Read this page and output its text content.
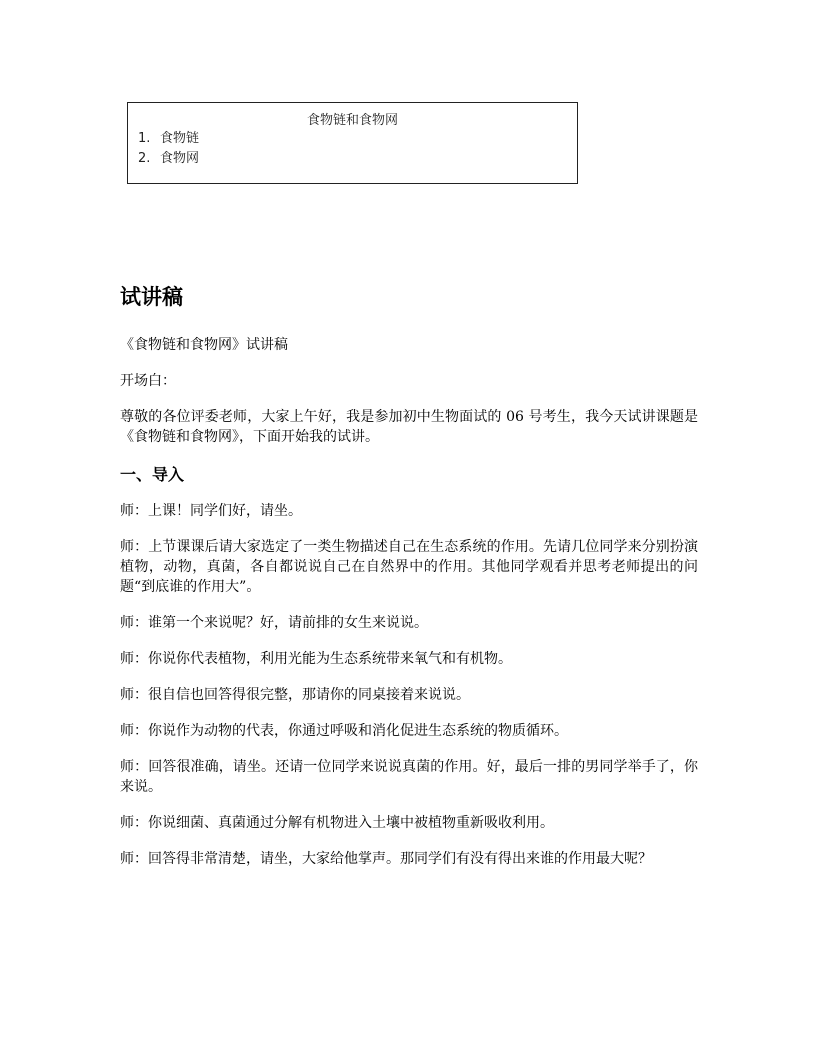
食物链和食物网
1. 食物链
2. 食物网
试讲稿
《食物链和食物网》试讲稿
开场白：
尊敬的各位评委老师，大家上午好，我是参加初中生物面试的 06 号考生，我今天试讲课题是《食物链和食物网》，下面开始我的试讲。
一、导入
师：上课！同学们好，请坐。
师：上节课课后请大家选定了一类生物描述自己在生态系统的作用。先请几位同学来分别扮演植物，动物，真菌，各自都说说自己在自然界中的作用。其他同学观看并思考老师提出的问题“到底谁的作用大”。
师：谁第一个来说呢？好，请前排的女生来说说。
师：你说你代表植物，利用光能为生态系统带来氧气和有机物。
师：很自信也回答得很完整，那请你的同桌接着来说说。
师：你说作为动物的代表，你通过呼吸和消化促进生态系统的物质循环。
师：回答很准确，请坐。还请一位同学来说说真菌的作用。好，最后一排的男同学举手了，你来说。
师：你说细菌、真菌通过分解有机物进入土壤中被植物重新吸收利用。
师：回答得非常清楚，请坐，大家给他掌声。那同学们有没有得出来谁的作用最大呢？
